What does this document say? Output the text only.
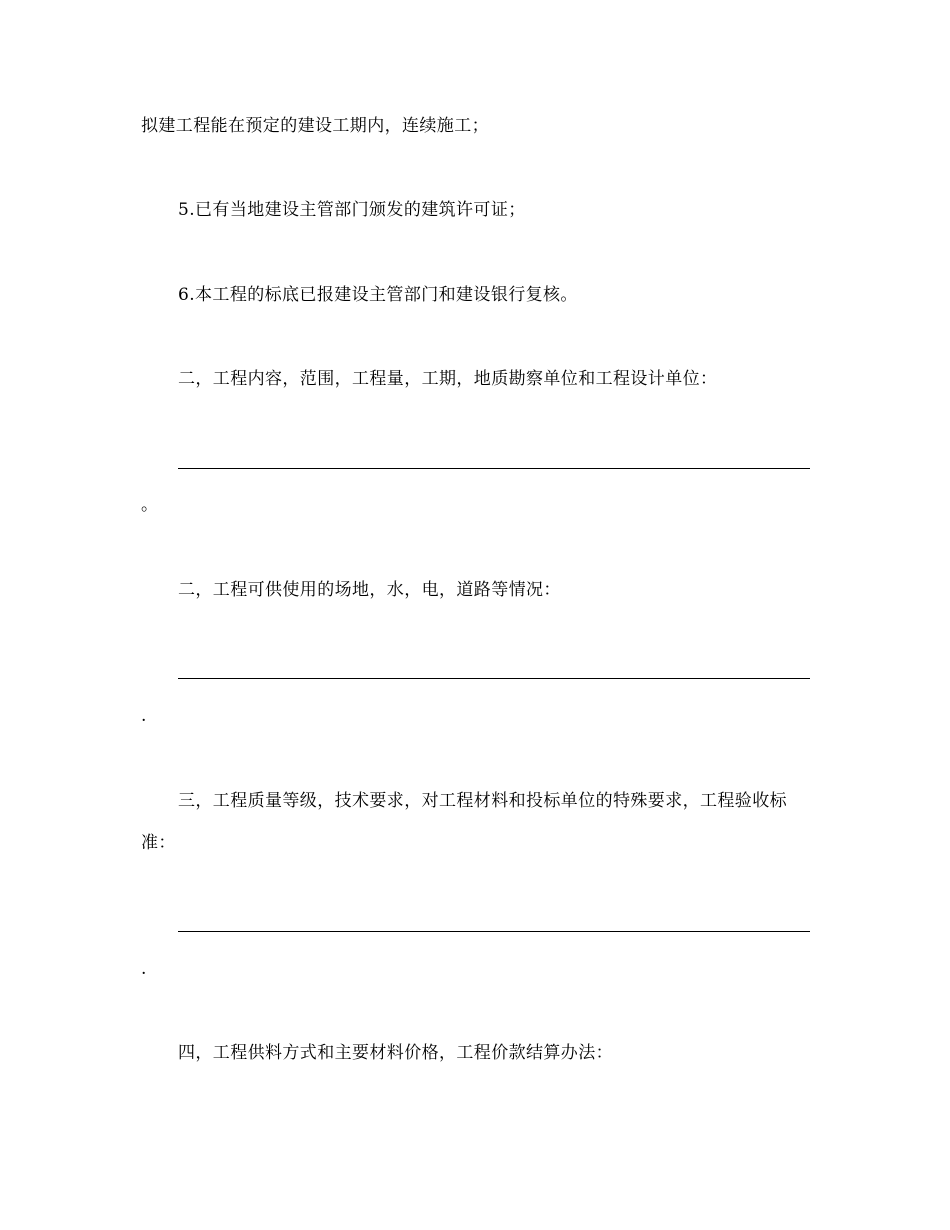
拟建工程能在预定的建设工期内，连续施工；
5.已有当地建设主管部门颁发的建筑许可证；
6.本工程的标底已报建设主管部门和建设银行复核。
二，工程内容，范围，工程量，工期，地质勘察单位和工程设计单位：
。
二，工程可供使用的场地，水，电，道路等情况：
.
三，工程质量等级，技术要求，对工程材料和投标单位的特殊要求，工程验收标
准：
.
四，工程供料方式和主要材料价格，工程价款结算办法：
